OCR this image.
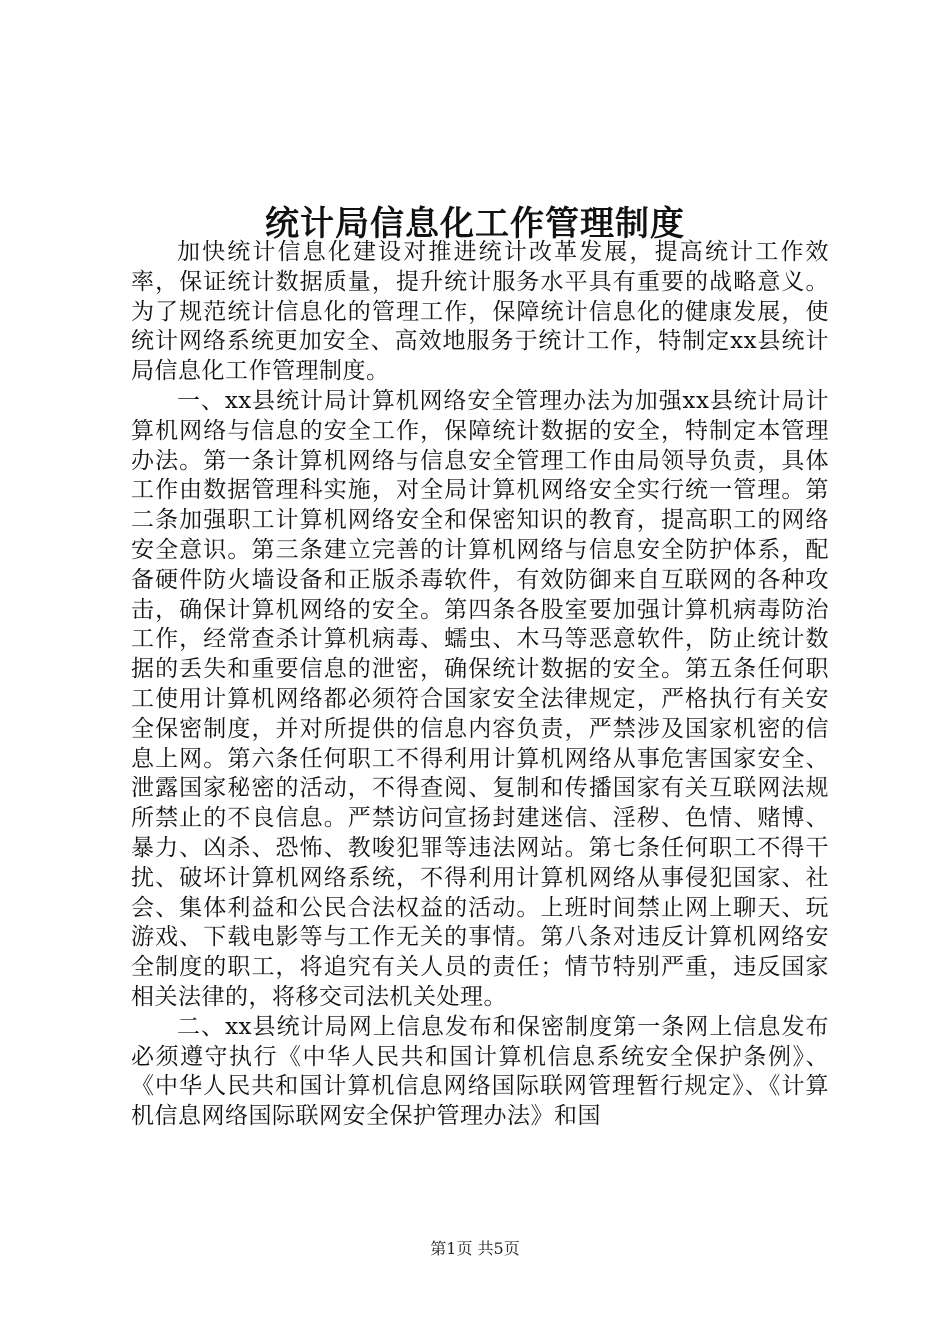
统计局信息化工作管理制度

加快统计信息化建设对推进统计改革发展，提高统计工作效率，保证统计数据质量，提升统计服务水平具有重要的战略意义。为了规范统计信息化的管理工作，保障统计信息化的健康发展，使统计网络系统更加安全、高效地服务于统计工作，特制定xx县统计局信息化工作管理制度。

一、xx县统计局计算机网络安全管理办法为加强xx县统计局计算机网络与信息的安全工作，保障统计数据的安全，特制定本管理办法。第一条计算机网络与信息安全管理工作由局领导负责，具体工作由数据管理科实施，对全局计算机网络安全实行统一管理。第二条加强职工计算机网络安全和保密知识的教育，提高职工的网络安全意识。第三条建立完善的计算机网络与信息安全防护体系，配备硬件防火墙设备和正版杀毒软件，有效防御来自互联网的各种攻击，确保计算机网络的安全。第四条各股室要加强计算机病毒防治工作，经常查杀计算机病毒、蠕虫、木马等恶意软件，防止统计数据的丢失和重要信息的泄密，确保统计数据的安全。第五条任何职工使用计算机网络都必须符合国家安全法律规定，严格执行有关安全保密制度，并对所提供的信息内容负责，严禁涉及国家机密的信息上网。第六条任何职工不得利用计算机网络从事危害国家安全、泄露国家秘密的活动，不得查阅、复制和传播国家有关互联网法规所禁止的不良信息。严禁访问宣扬封建迷信、淫秽、色情、赌博、暴力、凶杀、恐怖、教唆犯罪等违法网站。第七条任何职工不得干扰、破坏计算机网络系统，不得利用计算机网络从事侵犯国家、社会、集体利益和公民合法权益的活动。上班时间禁止网上聊天、玩游戏、下载电影等与工作无关的事情。第八条对违反计算机网络安全制度的职工，将追究有关人员的责任；情节特别严重，违反国家相关法律的，将移交司法机关处理。

二、xx县统计局网上信息发布和保密制度第一条网上信息发布必须遵守执行《中华人民共和国计算机信息系统安全保护条例》、《中华人民共和国计算机信息网络国际联网管理暂行规定》、《计算机信息网络国际联网安全保护管理办法》和国

第1页 共5页
